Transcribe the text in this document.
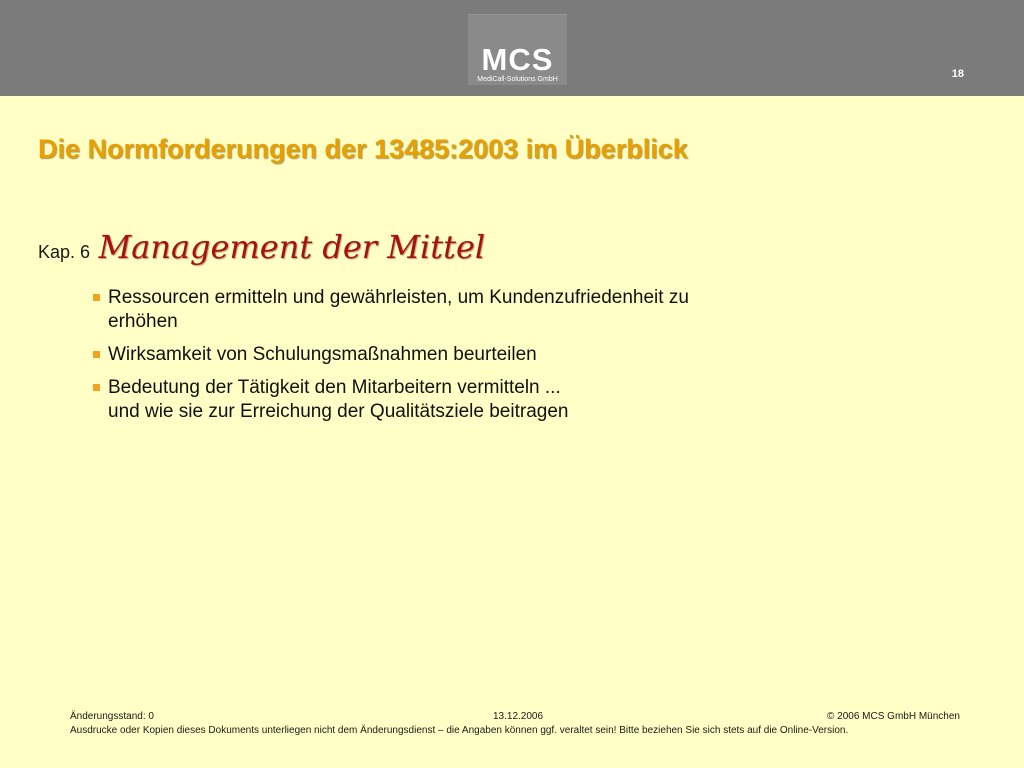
MCS
MediCall-Solutions GmbH	18
Die Normforderungen der 13485:2003 im Überblick
Kap. 6 Management der Mittel
Ressourcen ermitteln und gewährleisten, um Kundenzufriedenheit zu
erhöhen
Wirksamkeit von Schulungsmaßnahmen beurteilen
Bedeutung der Tätigkeit den Mitarbeitern vermitteln ...
und wie sie zur Erreichung der Qualitätsziele beitragen
Änderungsstand: 0	13.12.2006	© 2006 MCS GmbH München
Ausdrucke oder Kopien dieses Dokuments unterliegen nicht dem Änderungsdienst – die Angaben können ggf. veraltet sein! Bitte beziehen Sie sich stets auf die Online-Version.
